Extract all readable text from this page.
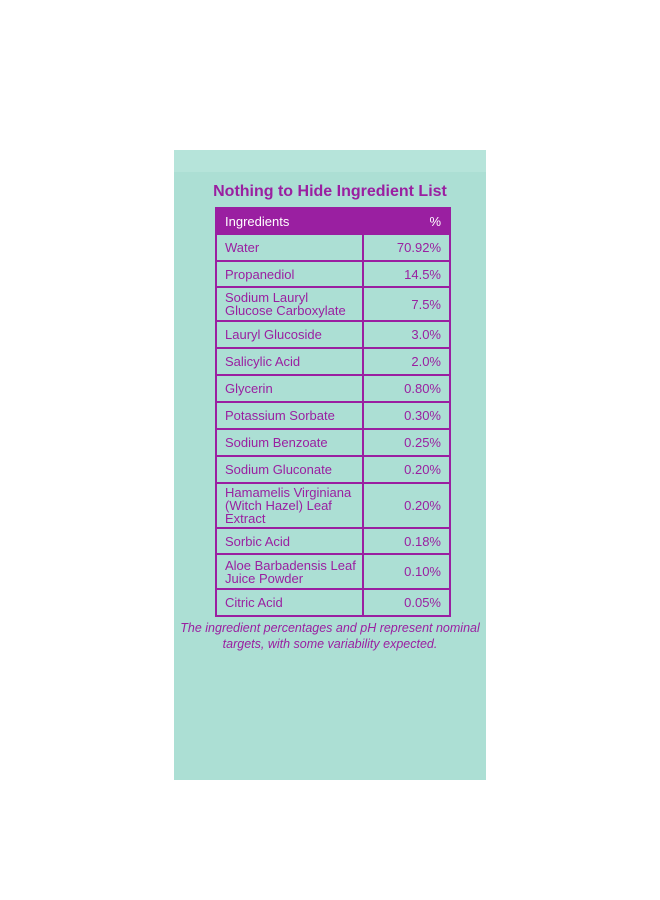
Nothing to Hide Ingredient List
Ingredients	%
Water	70.92%
Propanediol	14.5%
Sodium Lauryl Glucose Carboxylate	7.5%
Lauryl Glucoside	3.0%
Salicylic Acid	2.0%
Glycerin	0.80%
Potassium Sorbate	0.30%
Sodium Benzoate	0.25%
Sodium Gluconate	0.20%
Hamamelis Virginiana (Witch Hazel) Leaf Extract	0.20%
Sorbic Acid	0.18%
Aloe Barbadensis Leaf Juice Powder	0.10%
Citric Acid	0.05%
The ingredient percentages and pH represent nominal targets, with some variability expected.
